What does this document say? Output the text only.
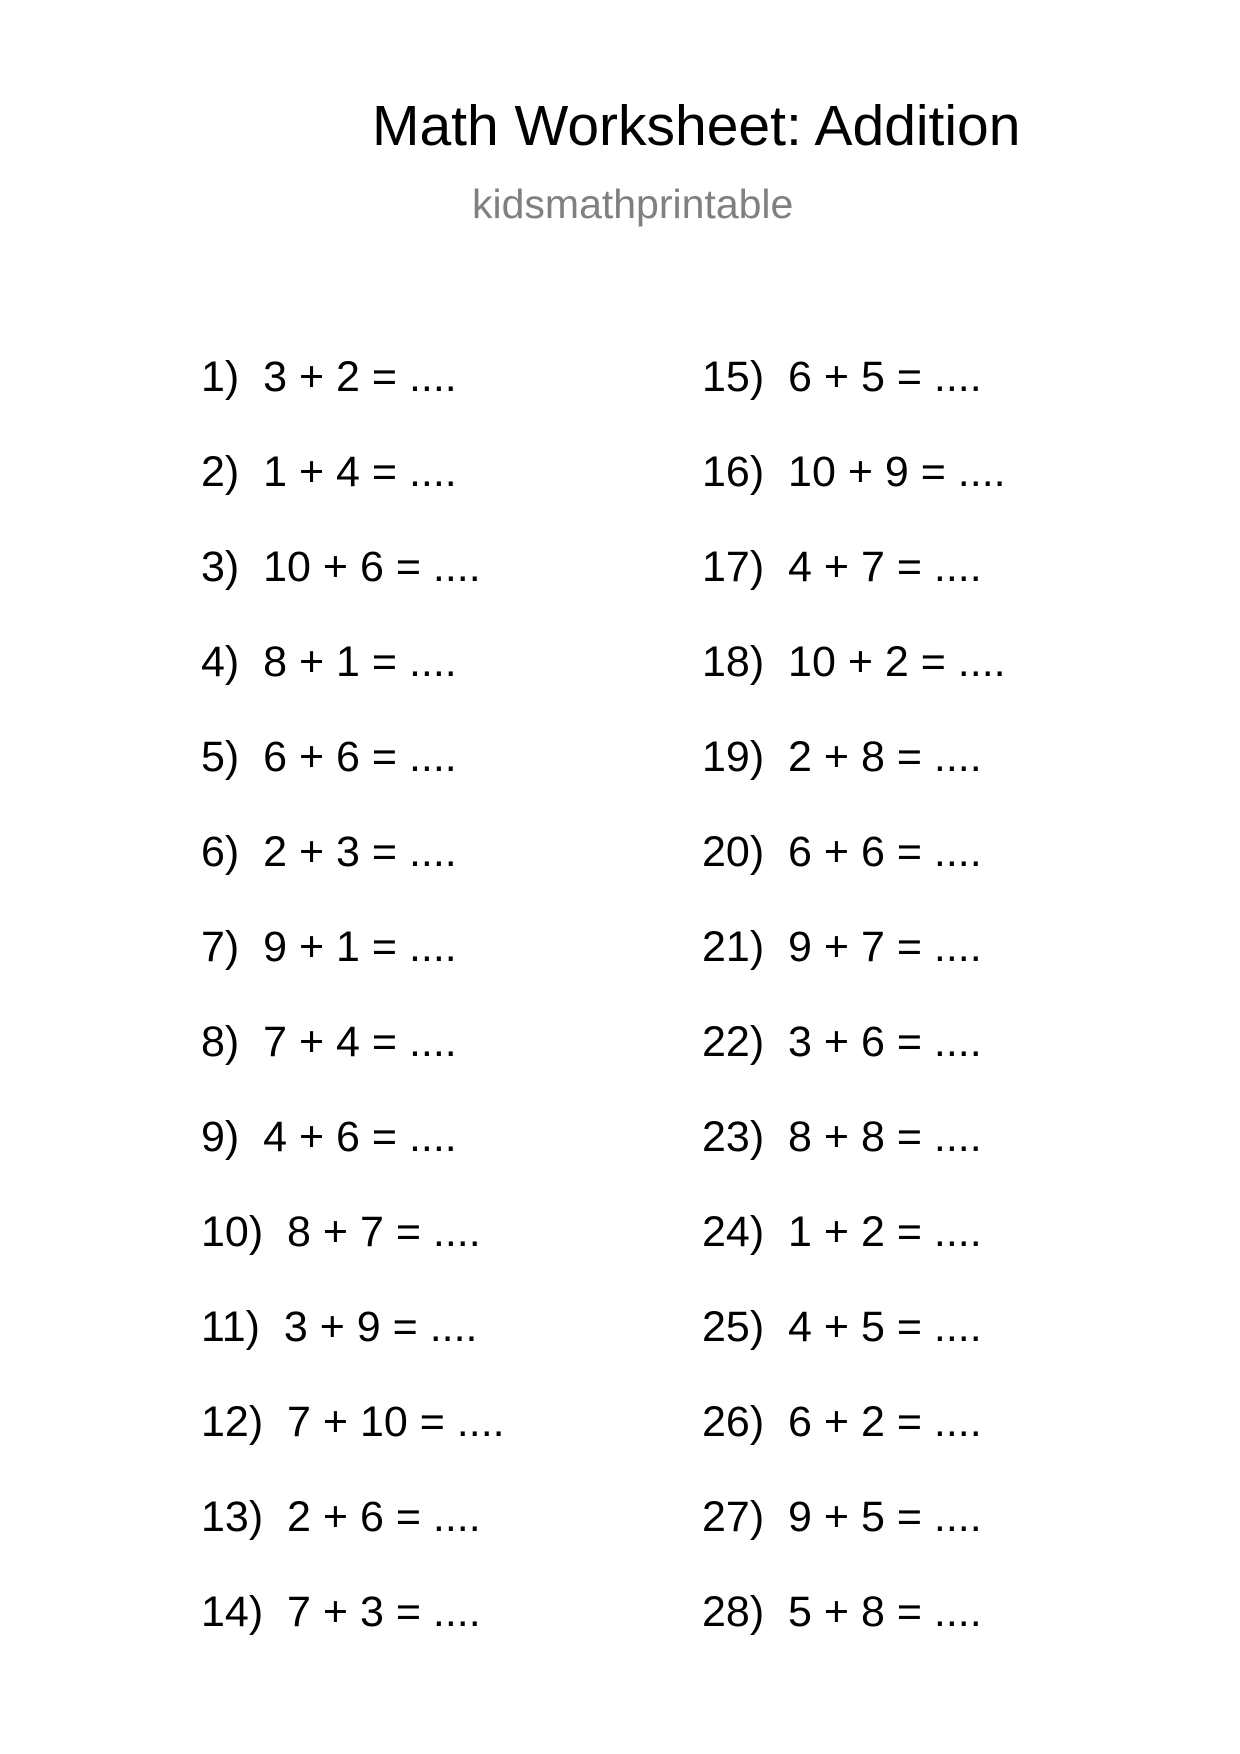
Math Worksheet: Addition
kidsmathprintable
1)  3 + 2 = ....
2)  1 + 4 = ....
3)  10 + 6 = ....
4)  8 + 1 = ....
5)  6 + 6 = ....
6)  2 + 3 = ....
7)  9 + 1 = ....
8)  7 + 4 = ....
9)  4 + 6 = ....
10)  8 + 7 = ....
11)  3 + 9 = ....
12)  7 + 10 = ....
13)  2 + 6 = ....
14)  7 + 3 = ....
15)  6 + 5 = ....
16)  10 + 9 = ....
17)  4 + 7 = ....
18)  10 + 2 = ....
19)  2 + 8 = ....
20)  6 + 6 = ....
21)  9 + 7 = ....
22)  3 + 6 = ....
23)  8 + 8 = ....
24)  1 + 2 = ....
25)  4 + 5 = ....
26)  6 + 2 = ....
27)  9 + 5 = ....
28)  5 + 8 = ....
